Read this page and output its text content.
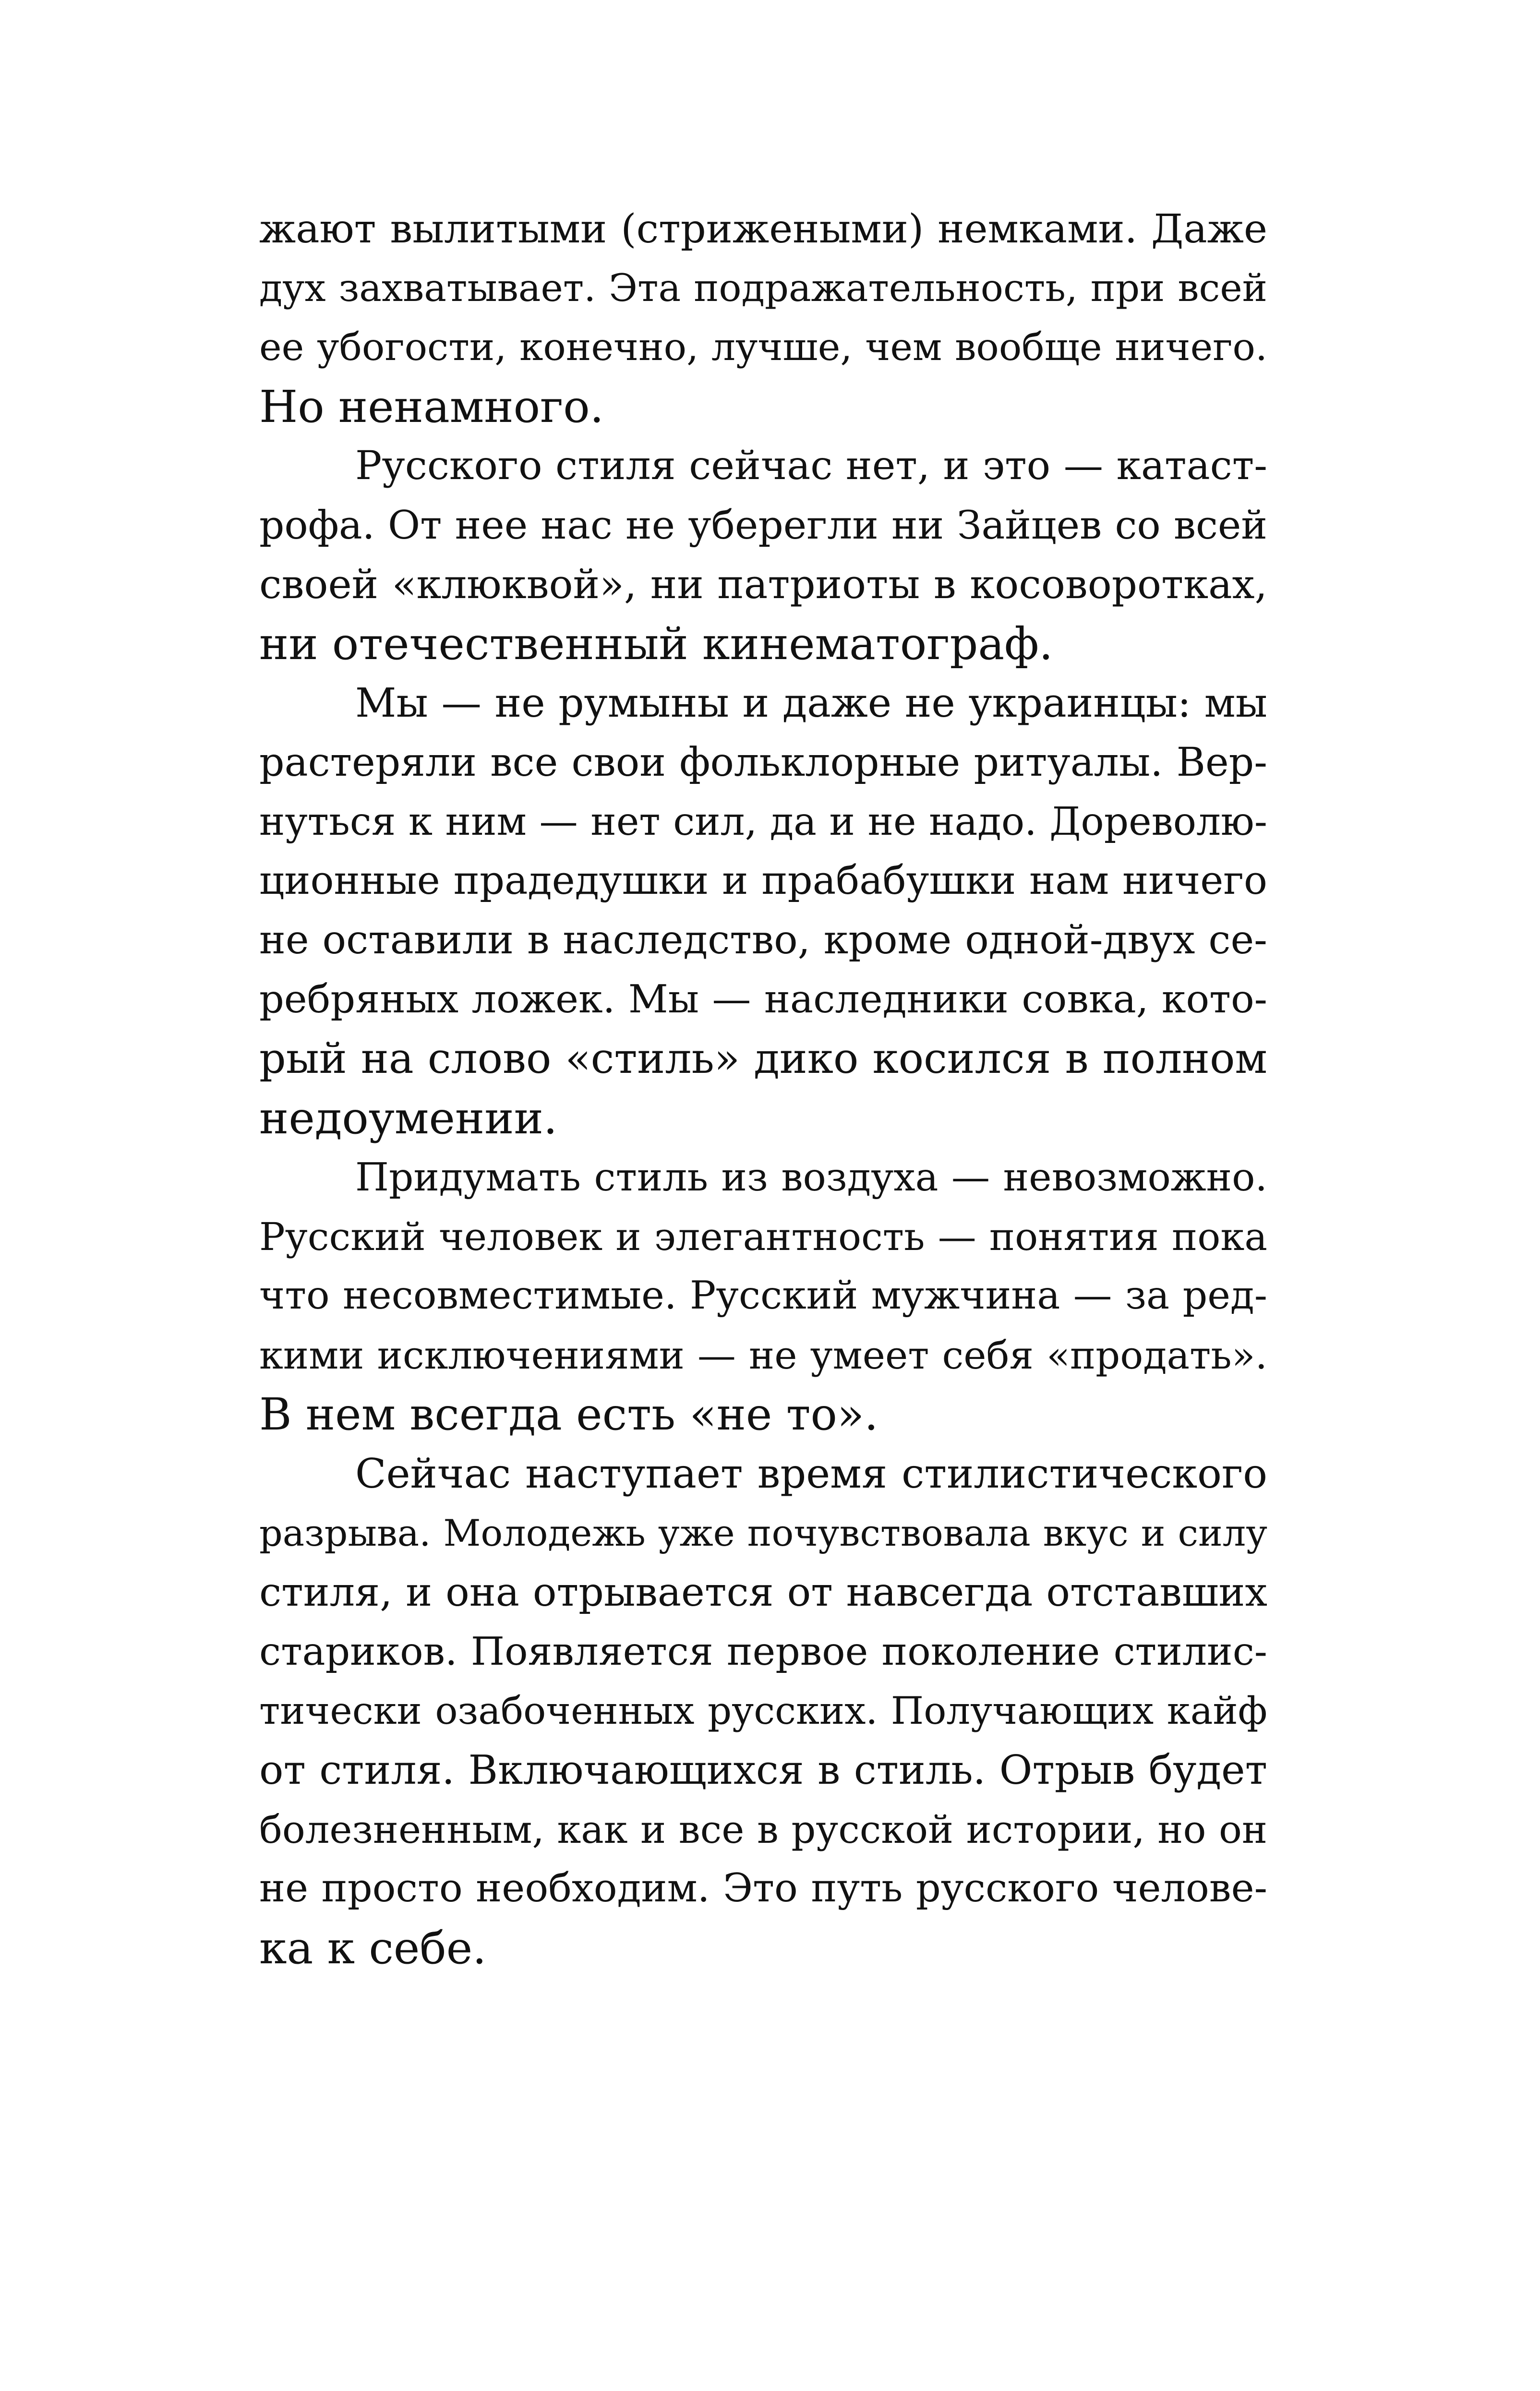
жают вылитыми (стрижеными) немками. Даже
дух захватывает. Эта подражательность, при всей
ее убогости, конечно, лучше, чем вообще ничего.
Но ненамного.
Русского стиля сейчас нет, и это — катаст-
рофа. От нее нас не уберегли ни Зайцев со всей
своей «клюквой», ни патриоты в косоворотках,
ни отечественный кинематограф.
Мы — не румыны и даже не украинцы: мы
растеряли все свои фольклорные ритуалы. Вер-
нуться к ним — нет сил, да и не надо. Дореволю-
ционные прадедушки и прабабушки нам ничего
не оставили в наследство, кроме одной-двух се-
ребряных ложек. Мы — наследники совка, кото-
рый на слово «стиль» дико косился в полном
недоумении.
Придумать стиль из воздуха — невозможно.
Русский человек и элегантность — понятия пока
что несовместимые. Русский мужчина — за ред-
кими исключениями — не умеет себя «продать».
В нем всегда есть «не то».
Сейчас наступает время стилистического
разрыва. Молодежь уже почувствовала вкус и силу
стиля, и она отрывается от навсегда отставших
стариков. Появляется первое поколение стилис-
тически озабоченных русских. Получающих кайф
от стиля. Включающихся в стиль. Отрыв будет
болезненным, как и все в русской истории, но он
не просто необходим. Это путь русского челове-
ка к себе.
